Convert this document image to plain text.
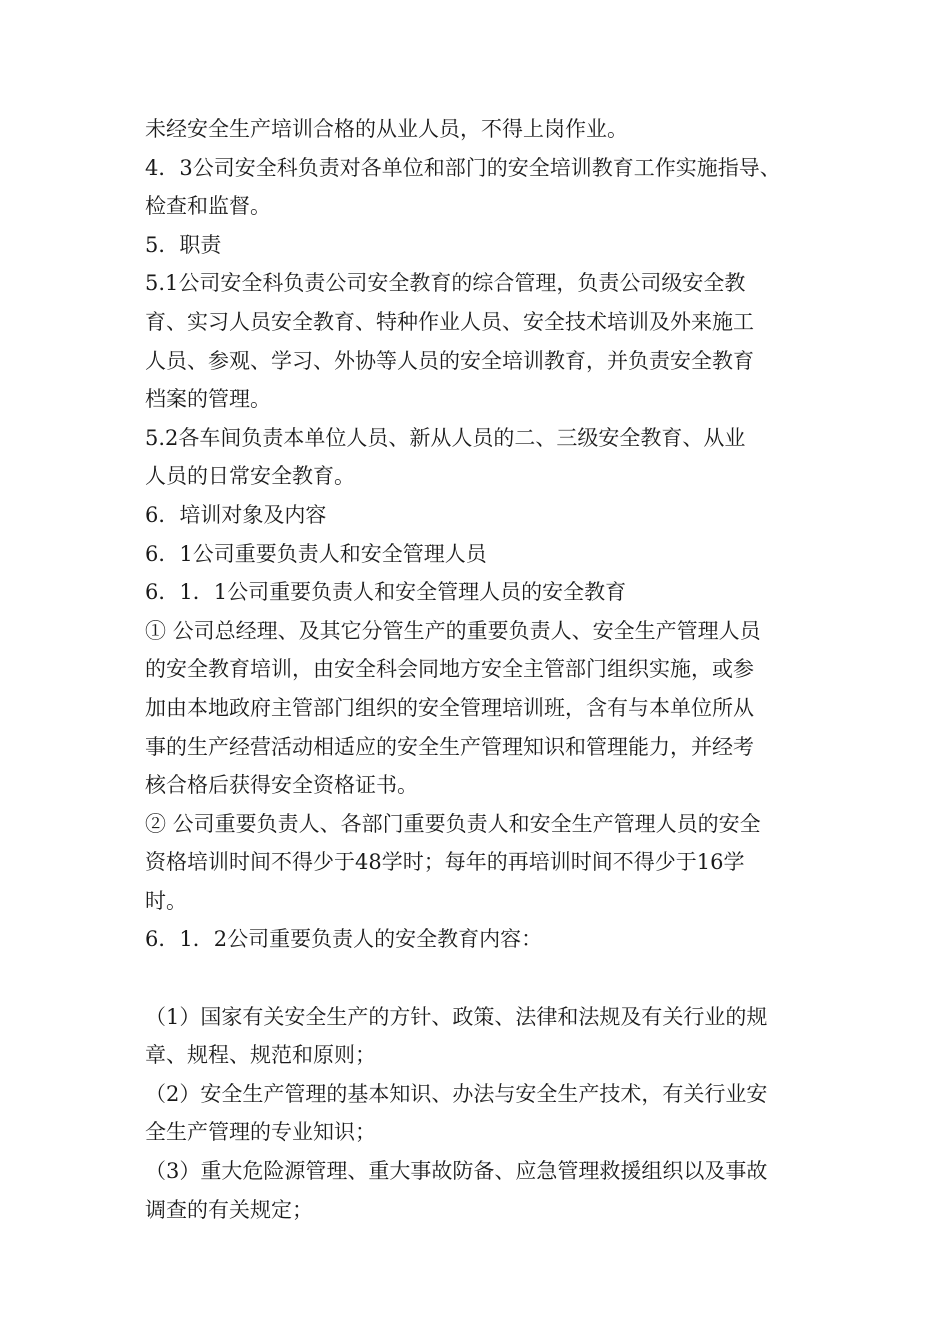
未经安全生产培训合格的从业人员，不得上岗作业。

4．3公司安全科负责对各单位和部门的安全培训教育工作实施指导、

检查和监督。

5．职责

5.1公司安全科负责公司安全教育的综合管理，负责公司级安全教

育、实习人员安全教育、特种作业人员、安全技术培训及外来施工

人员、参观、学习、外协等人员的安全培训教育，并负责安全教育

档案的管理。

5.2各车间负责本单位人员、新从人员的二、三级安全教育、从业

人员的日常安全教育。

6．培训对象及内容

6．1公司重要负责人和安全管理人员

6．1．1公司重要负责人和安全管理人员的安全教育

① 公司总经理、及其它分管生产的重要负责人、安全生产管理人员

的安全教育培训，由安全科会同地方安全主管部门组织实施，或参

加由本地政府主管部门组织的安全管理培训班，含有与本单位所从

事的生产经营活动相适应的安全生产管理知识和管理能力，并经考

核合格后获得安全资格证书。

② 公司重要负责人、各部门重要负责人和安全生产管理人员的安全

资格培训时间不得少于48学时；每年的再培训时间不得少于16学

时。

6．1．2公司重要负责人的安全教育内容：

（1）国家有关安全生产的方针、政策、法律和法规及有关行业的规

章、规程、规范和原则；

（2）安全生产管理的基本知识、办法与安全生产技术，有关行业安

全生产管理的专业知识；

（3）重大危险源管理、重大事故防备、应急管理救援组织以及事故

调查的有关规定；
